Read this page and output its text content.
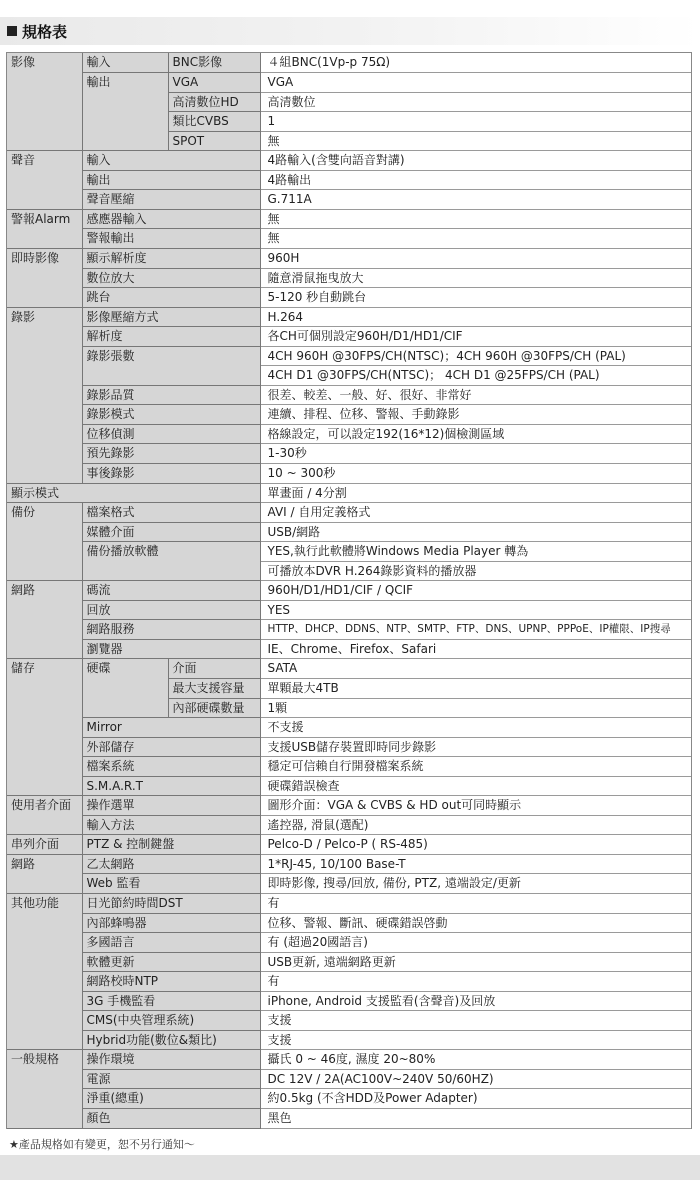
規格表
影像	輸入	BNC影像	４組BNC(1Vp-p 75Ω)
	輸出	VGA	VGA
		高清數位HD	高清數位
		類比CVBS	1
		SPOT	無
聲音	輸入		4路輸入(含雙向語音對講)
	輸出		4路輸出
	聲音壓縮		G.711A
警報Alarm	感應器輸入		無
	警報輸出		無
即時影像	顯示解析度		960H
	數位放大		隨意滑鼠拖曳放大
	跳台		5-120 秒自動跳台
錄影	影像壓縮方式		H.264
	解析度		各CH可個別設定960H/D1/HD1/CIF
	錄影張數		4CH 960H @30FPS/CH(NTSC)；4CH 960H @30FPS/CH (PAL)
			4CH D1 @30FPS/CH(NTSC)； 4CH D1 @25FPS/CH (PAL)
	錄影品質		很差、較差、一般、好、很好、非常好
	錄影模式		連續、排程、位移、警報、手動錄影
	位移偵測		格線設定，可以設定192(16*12)個檢測區域
	預先錄影		1-30秒
	事後錄影		10 ~ 300秒
顯示模式			單畫面 / 4分割
備份	檔案格式		AVI / 自用定義格式
	媒體介面		USB/網路
	備份播放軟體		YES,執行此軟體將Windows Media Player 轉為
			可播放本DVR H.264錄影資料的播放器
網路	碼流		960H/D1/HD1/CIF / QCIF
	回放		YES
	網路服務		HTTP、DHCP、DDNS、NTP、SMTP、FTP、DNS、UPNP、PPPoE、IP權限、IP搜尋
	瀏覽器		IE、Chrome、Firefox、Safari
儲存	硬碟	介面	SATA
		最大支援容量	單顆最大4TB
		內部硬碟數量	1顆
	Mirror		不支援
	外部儲存		支援USB儲存裝置即時同步錄影
	檔案系統		穩定可信賴自行開發檔案系統
	S.M.A.R.T		硬碟錯誤檢查
使用者介面	操作選單		圖形介面：VGA & CVBS & HD out可同時顯示
	輸入方法		遙控器, 滑鼠(選配)
串列介面	PTZ & 控制鍵盤		Pelco-D / Pelco-P ( RS-485)
網路	乙太網路		1*RJ-45, 10/100 Base-T
	Web 監看		即時影像, 搜尋/回放, 備份, PTZ, 遠端設定/更新
其他功能	日光節約時間DST		有
	內部蜂鳴器		位移、警報、斷訊、硬碟錯誤啓動
	多國語言		有 (超過20國語言)
	軟體更新		USB更新, 遠端網路更新
	網路校時NTP		有
	3G 手機監看		iPhone, Android 支援監看(含聲音)及回放
	CMS(中央管理系統)		支援
	Hybrid功能(數位&類比)		支援
一般規格	操作環境		攝氏 0 ~ 46度, 濕度 20~80%
	電源		DC 12V / 2A(AC100V~240V 50/60HZ)
	淨重(總重)		約0.5kg (不含HDD及Power Adapter)
	顏色		黑色
★產品規格如有變更，恕不另行通知～
